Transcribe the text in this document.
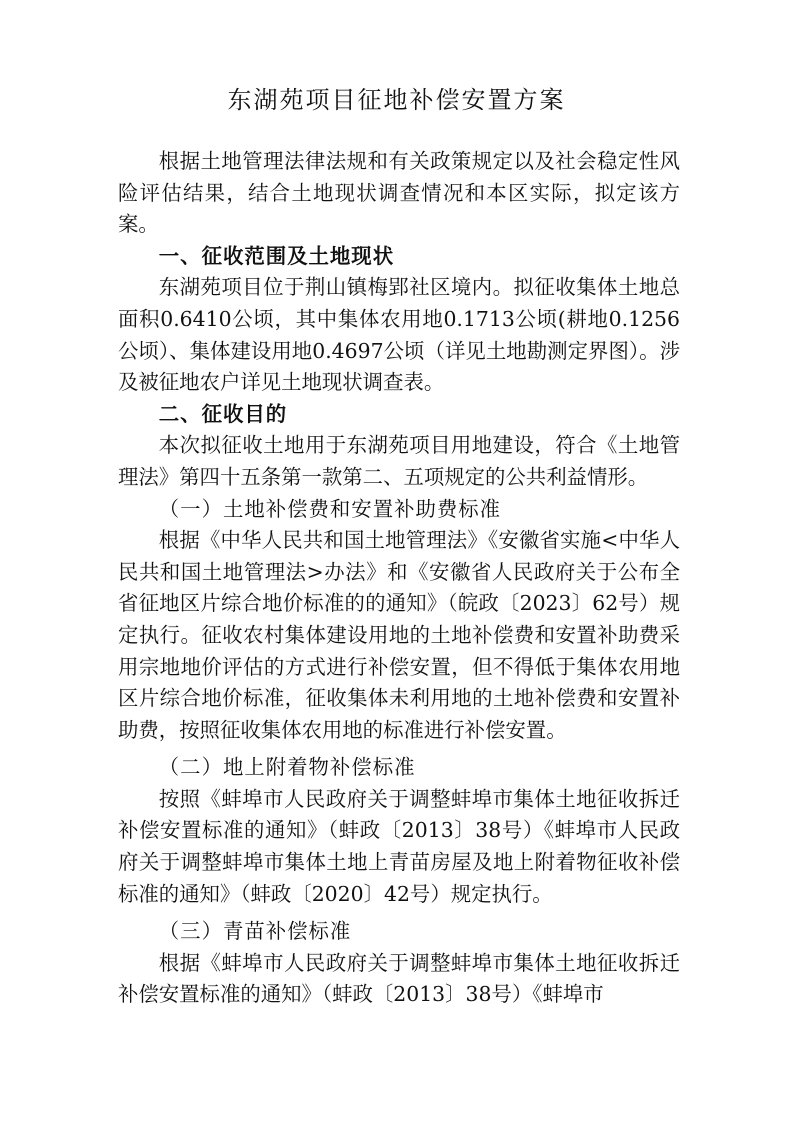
东湖苑项目征地补偿安置方案

根据土地管理法律法规和有关政策规定以及社会稳定性风险评估结果，结合土地现状调查情况和本区实际，拟定该方案。

一、征收范围及土地现状

东湖苑项目位于荆山镇梅郢社区境内。拟征收集体土地总面积0.6410公顷，其中集体农用地0.1713公顷(耕地0.1256公顷）、集体建设用地0.4697公顷（详见土地勘测定界图）。涉及被征地农户详见土地现状调查表。

二、征收目的

本次拟征收土地用于东湖苑项目用地建设，符合《土地管理法》第四十五条第一款第二、五项规定的公共利益情形。

（一）土地补偿费和安置补助费标准

根据《中华人民共和国土地管理法》《安徽省实施<中华人民共和国土地管理法>办法》和《安徽省人民政府关于公布全省征地区片综合地价标准的的通知》（皖政〔2023〕62号）规定执行。征收农村集体建设用地的土地补偿费和安置补助费采用宗地地价评估的方式进行补偿安置，但不得低于集体农用地区片综合地价标准，征收集体未利用地的土地补偿费和安置补助费，按照征收集体农用地的标准进行补偿安置。

（二）地上附着物补偿标准

按照《蚌埠市人民政府关于调整蚌埠市集体土地征收拆迁补偿安置标准的通知》（蚌政〔2013〕38号）《蚌埠市人民政府关于调整蚌埠市集体土地上青苗房屋及地上附着物征收补偿标准的通知》（蚌政〔2020〕42号）规定执行。

（三）青苗补偿标准

根据《蚌埠市人民政府关于调整蚌埠市集体土地征收拆迁补偿安置标准的通知》（蚌政〔2013〕38号）《蚌埠市
